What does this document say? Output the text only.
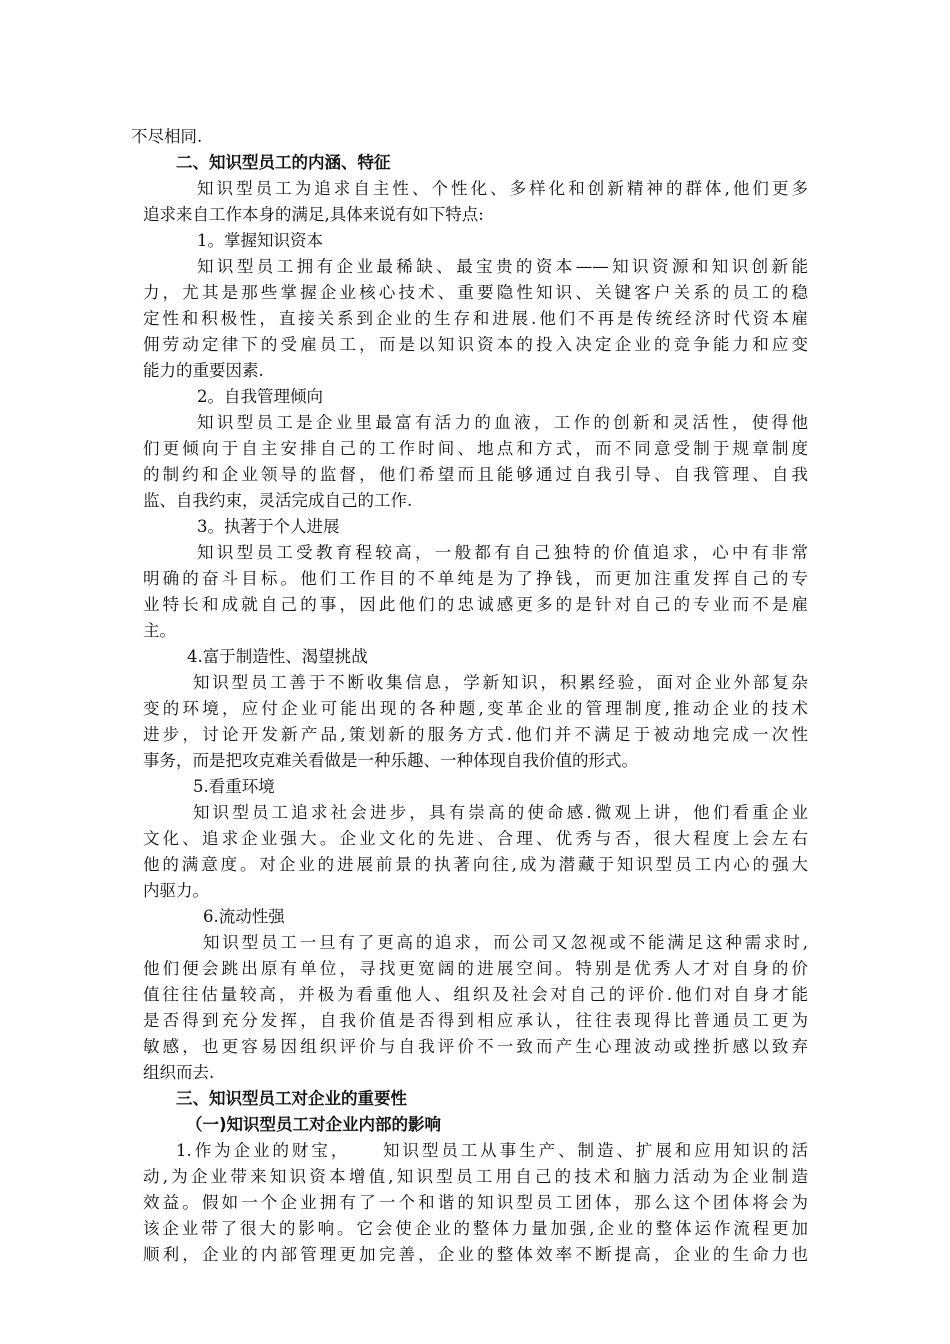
不尽相同.
二、知识型员工的内涵、特征
知识型员工为追求自主性、个性化、多样化和创新精神的群体,他们更多
追求来自工作本身的满足,具体来说有如下特点:
1。掌握知识资本
知识型员工拥有企业最稀缺、最宝贵的资本——知识资源和知识创新能
力，尤其是那些掌握企业核心技术、重要隐性知识、关键客户关系的员工的稳
定性和积极性，直接关系到企业的生存和进展.他们不再是传统经济时代资本雇
佣劳动定律下的受雇员工，而是以知识资本的投入决定企业的竞争能力和应变
能力的重要因素.
2。自我管理倾向
知识型员工是企业里最富有活力的血液，工作的创新和灵活性，使得他
们更倾向于自主安排自己的工作时间、地点和方式，而不同意受制于规章制度
的制约和企业领导的监督，他们希望而且能够通过自我引导、自我管理、自我
监、自我约束，灵活完成自己的工作.
3。执著于个人进展
知识型员工受教育程较高，一般都有自己独特的价值追求，心中有非常
明确的奋斗目标。他们工作目的不单纯是为了挣钱，而更加注重发挥自己的专
业特长和成就自己的事，因此他们的忠诚感更多的是针对自己的专业而不是雇
主。
4.富于制造性、渴望挑战
知识型员工善于不断收集信息，学新知识，积累经验，面对企业外部复杂
变的环境，应付企业可能出现的各种题,变革企业的管理制度,推动企业的技术
进步，讨论开发新产品,策划新的服务方式.他们并不满足于被动地完成一次性
事务，而是把攻克难关看做是一种乐趣、一种体现自我价值的形式。
5.看重环境
知识型员工追求社会进步，具有崇高的使命感.微观上讲，他们看重企业
文化、追求企业强大。企业文化的先进、合理、优秀与否，很大程度上会左右
他的满意度。对企业的进展前景的执著向往,成为潜藏于知识型员工内心的强大
内驱力。
6.流动性强
知识型员工一旦有了更高的追求，而公司又忽视或不能满足这种需求时,
他们便会跳出原有单位，寻找更宽阔的进展空间。特别是优秀人才对自身的价
值往往估量较高，并极为看重他人、组织及社会对自己的评价.他们对自身才能
是否得到充分发挥，自我价值是否得到相应承认，往往表现得比普通员工更为
敏感，也更容易因组织评价与自我评价不一致而产生心理波动或挫折感以致弃
组织而去.
三、知识型员工对企业的重要性
（一)知识型员工对企业内部的影响
1.作为企业的财宝，    知识型员工从事生产、制造、扩展和应用知识的活
动,为企业带来知识资本增值,知识型员工用自己的技术和脑力活动为企业制造
效益。假如一个企业拥有了一个和谐的知识型员工团体，那么这个团体将会为
该企业带了很大的影响。它会使企业的整体力量加强,企业的整体运作流程更加
顺利，企业的内部管理更加完善，企业的整体效率不断提高，企业的生命力也
